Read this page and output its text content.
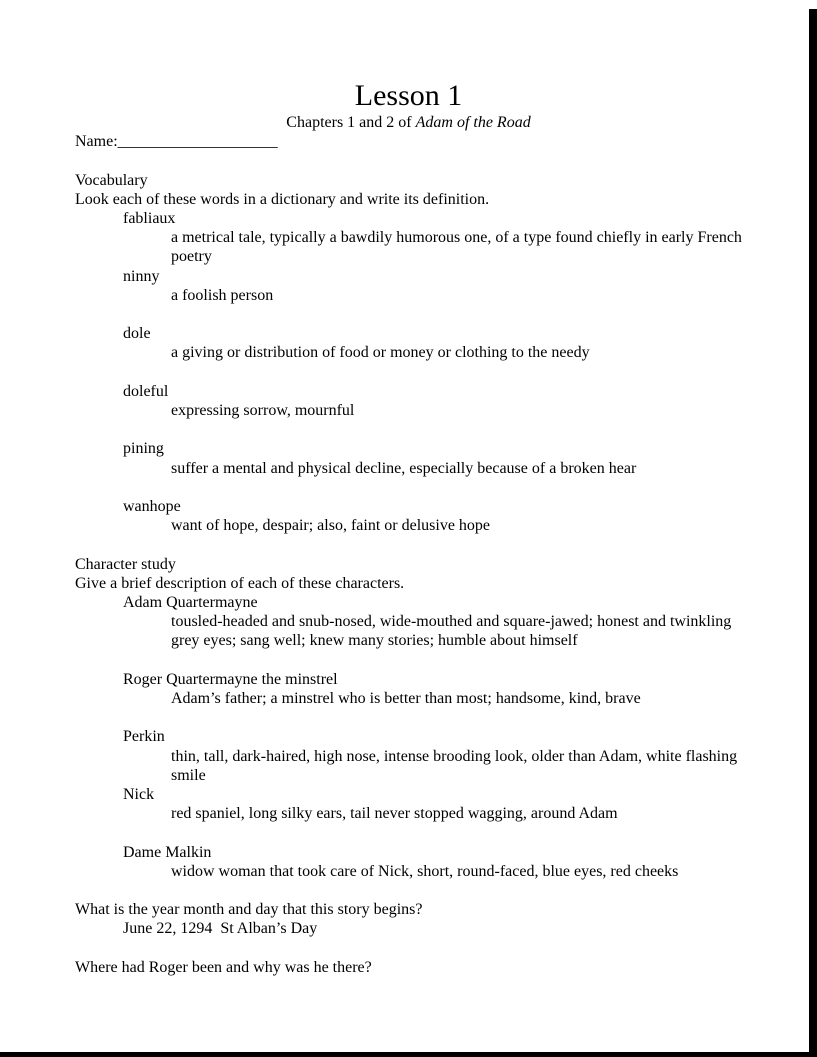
Lesson 1
Chapters 1 and 2 of Adam of the Road
Name:____________________

Vocabulary

Look each of these words in a dictionary and write its definition.

fabliaux

a metrical tale, typically a bawdily humorous one, of a type found chiefly in early French poetry

ninny

a foolish person

dole

a giving or distribution of food or money or clothing to the needy

doleful

expressing sorrow, mournful

pining

suffer a mental and physical decline, especially because of a broken hear

wanhope

want of hope, despair; also, faint or delusive hope

Character study

Give a brief description of each of these characters.

Adam Quartermayne

tousled-headed and snub-nosed, wide-mouthed and square-jawed; honest and twinkling grey eyes; sang well; knew many stories; humble about himself

Roger Quartermayne the minstrel

Adam’s father; a minstrel who is better than most; handsome, kind, brave

Perkin

thin, tall, dark-haired, high nose, intense brooding look, older than Adam, white flashing smile

Nick

red spaniel, long silky ears, tail never stopped wagging, around Adam

Dame Malkin

widow woman that took care of Nick, short, round-faced, blue eyes, red cheeks

What is the year month and day that this story begins?

June 22, 1294  St Alban’s Day

Where had Roger been and why was he there?
